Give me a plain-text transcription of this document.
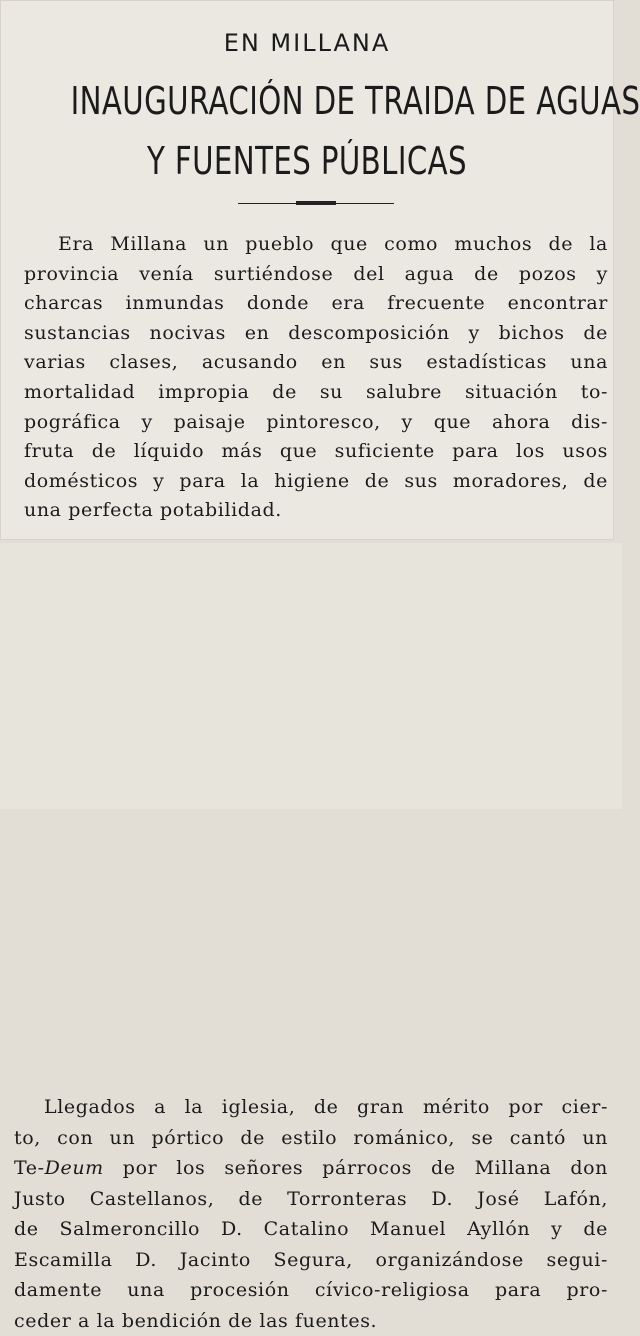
EN MILLANA
INAUGURACIÓN DE TRAIDA DE AGUAS
Y FUENTES PÚBLICAS
Era Millana un pueblo que como muchos de la
provincia venía surtiéndose del agua de pozos y
charcas inmundas donde era frecuente encontrar
sustancias nocivas en descomposición y bichos de
varias clases, acusando en sus estadísticas una
mortalidad impropia de su salubre situación to-
pográfica y paisaje pintoresco, y que ahora dis-
fruta de líquido más que suficiente para los usos
domésticos y para la higiene de sus moradores, de
una perfecta potabilidad.
Llegados a la iglesia, de gran mérito por cier-
to, con un pórtico de estilo románico, se cantó un
Te-Deum por los señores párrocos de Millana don
Justo Castellanos, de Torronteras D. José Lafón,
de Salmeroncillo D. Catalino Manuel Ayllón y de
Escamilla D. Jacinto Segura, organizándose segui-
damente una procesión cívico-religiosa para pro-
ceder a la bendición de las fuentes.
